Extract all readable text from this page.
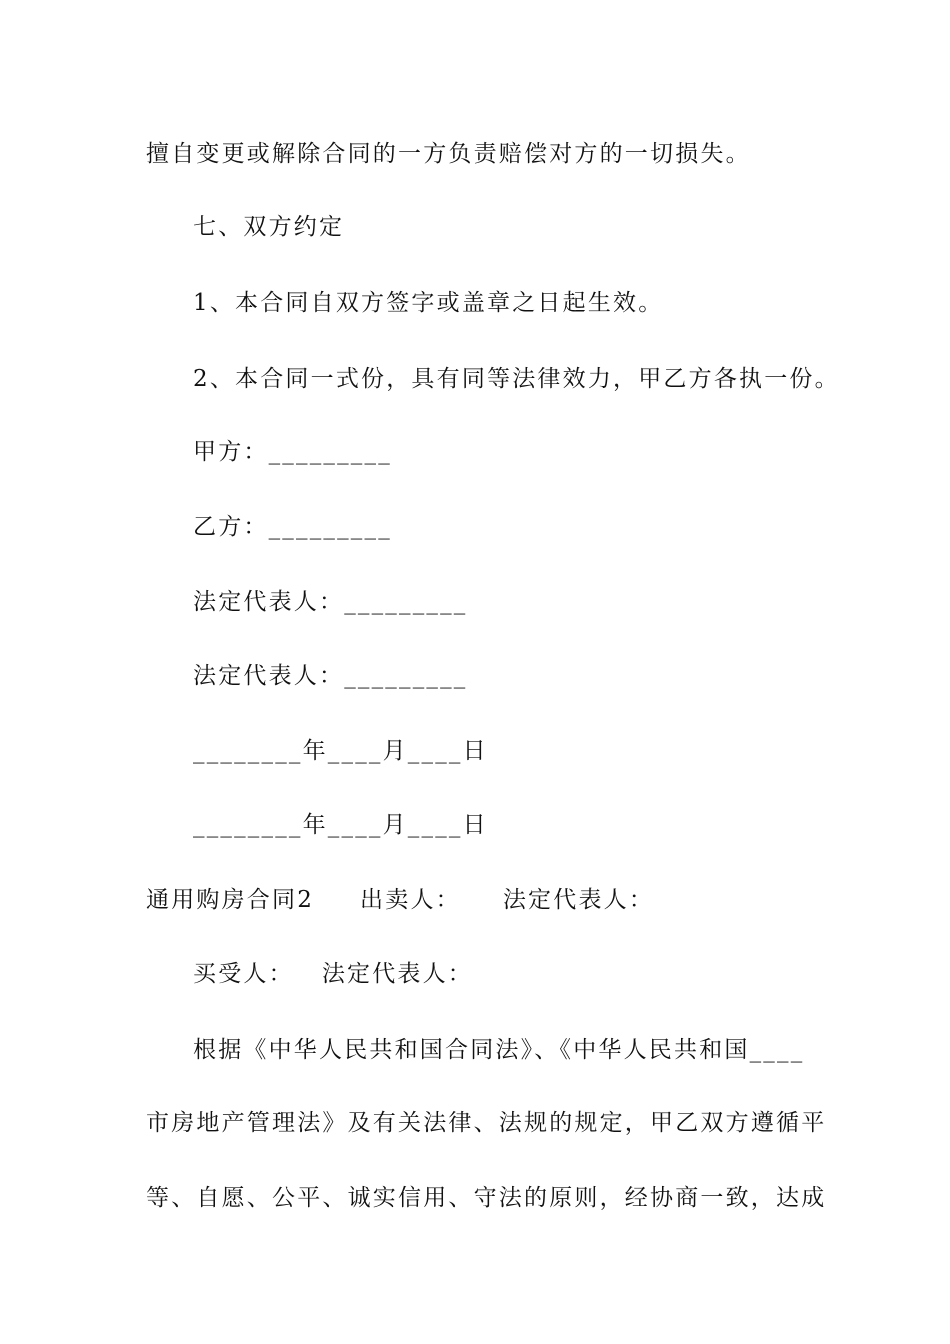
擅自变更或解除合同的一方负责赔偿对方的一切损失。
七、双方约定
1、本合同自双方签字或盖章之日起生效。
2、本合同一式份，具有同等法律效力，甲乙方各执一份。
甲方：_________
乙方：_________
法定代表人：_________
法定代表人：_________
________年____月____日
________年____月____日
通用购房合同2 出卖人： 法定代表人：
买受人： 法定代表人：
根据《中华人民共和国合同法》、《中华人民共和国____
市房地产管理法》及有关法律、法规的规定，甲乙双方遵循平
等、自愿、公平、诚实信用、守法的原则，经协商一致，达成
